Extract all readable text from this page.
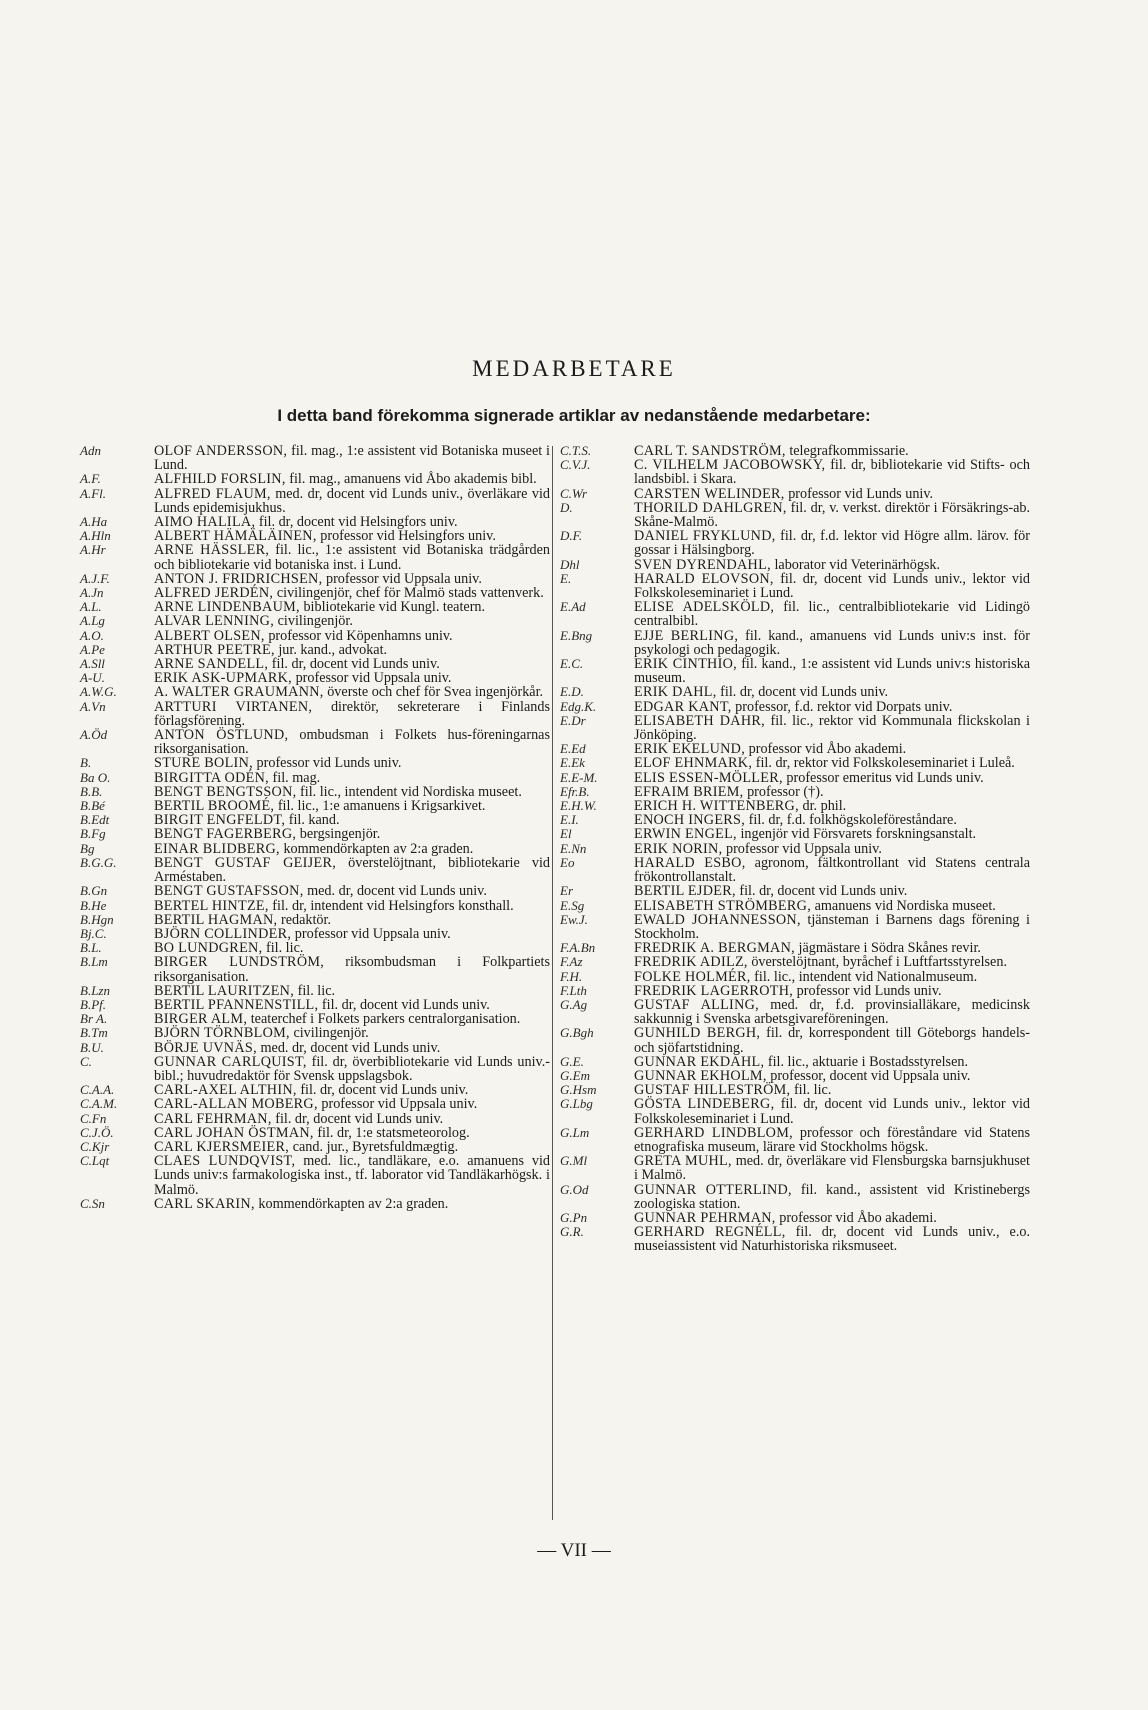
MEDARBETARE
I detta band förekomma signerade artiklar av nedanstående medarbetare:
Adn	OLOF ANDERSSON, fil. mag., 1:e assistent vid Botaniska museet i Lund.
A.F.	ALFHILD FORSLIN, fil. mag., amanuens vid Åbo akademis bibl.
A.Fl.	ALFRED FLAUM, med. dr, docent vid Lunds univ., överläkare vid Lunds epidemisjukhus.
A.Ha	AIMO HALILA, fil. dr, docent vid Helsingfors univ.
A.Hln	ALBERT HÄMÄLÄINEN, professor vid Helsingfors univ.
A.Hr	ARNE HÄSSLER, fil. lic., 1:e assistent vid Botaniska trädgården och bibliotekarie vid botaniska inst. i Lund.
A.J.F.	ANTON J. FRIDRICHSEN, professor vid Uppsala univ.
A.Jn	ALFRED JERDÉN, civilingenjör, chef för Malmö stads vattenverk.
A.L.	ARNE LINDENBAUM, bibliotekarie vid Kungl. teatern.
A.Lg	ALVAR LENNING, civilingenjör.
A.O.	ALBERT OLSEN, professor vid Köpenhamns univ.
A.Pe	ARTHUR PEETRE, jur. kand., advokat.
A.Sll	ARNE SANDELL, fil. dr, docent vid Lunds univ.
A-U.	ERIK ASK-UPMARK, professor vid Uppsala univ.
A.W.G.	A. WALTER GRAUMANN, överste och chef för Svea ingenjörkår.
A.Vn	ARTTURI VIRTANEN, direktör, sekreterare i Finlands förlagsförening.
A.Öd	ANTON ÖSTLUND, ombudsman i Folkets hus-föreningarnas riksorganisation.
B.	STURE BOLIN, professor vid Lunds univ.
Ba O.	BIRGITTA ODÉN, fil. mag.
B.B.	BENGT BENGTSSON, fil. lic., intendent vid Nordiska museet.
B.Bé	BERTIL BROOMÉ, fil. lic., 1:e amanuens i Krigsarkivet.
B.Edt	BIRGIT ENGFELDT, fil. kand.
B.Fg	BENGT FAGERBERG, bergsingenjör.
Bg	EINAR BLIDBERG, kommendörkapten av 2:a graden.
B.G.G.	BENGT GUSTAF GEIJER, överstelöjtnant, bibliotekarie vid Arméstaben.
B.Gn	BENGT GUSTAFSSON, med. dr, docent vid Lunds univ.
B.He	BERTEL HINTZE, fil. dr, intendent vid Helsingfors konsthall.
B.Hgn	BERTIL HAGMAN, redaktör.
Bj.C.	BJÖRN COLLINDER, professor vid Uppsala univ.
B.L.	BO LUNDGREN, fil. lic.
B.Lm	BIRGER LUNDSTRÖM, riksombudsman i Folkpartiets riksorganisation.
B.Lzn	BERTIL LAURITZEN, fil. lic.
B.Pf.	BERTIL PFANNENSTILL, fil. dr, docent vid Lunds univ.
Br A.	BIRGER ALM, teaterchef i Folkets parkers centralorganisation.
B.Tm	BJÖRN TÖRNBLOM, civilingenjör.
B.U.	BÖRJE UVNÄS, med. dr, docent vid Lunds univ.
C.	GUNNAR CARLQUIST, fil. dr, överbibliotekarie vid Lunds univ.-bibl.; huvudredaktör för Svensk uppslagsbok.
C.A.A.	CARL-AXEL ALTHIN, fil. dr, docent vid Lunds univ.
C.A.M.	CARL-ALLAN MOBERG, professor vid Uppsala univ.
C.Fn	CARL FEHRMAN, fil. dr, docent vid Lunds univ.
C.J.Ö.	CARL JOHAN ÖSTMAN, fil. dr, 1:e statsmeteorolog.
C.Kjr	CARL KJERSMEIER, cand. jur., Byretsfuldmægtig.
C.Lqt	CLAES LUNDQVIST, med. lic., tandläkare, e.o. amanuens vid Lunds univ:s farmakologiska inst., tf. laborator vid Tandläkarhögsk. i Malmö.
C.Sn	CARL SKARIN, kommendörkapten av 2:a graden.
C.T.S.	CARL T. SANDSTRÖM, telegrafkommissarie.
C.V.J.	C. VILHELM JACOBOWSKY, fil. dr, bibliotekarie vid Stifts- och landsbibl. i Skara.
C.Wr	CARSTEN WELINDER, professor vid Lunds univ.
D.	THORILD DAHLGREN, fil. dr, v. verkst. direktör i Försäkrings-ab. Skåne-Malmö.
D.F.	DANIEL FRYKLUND, fil. dr, f.d. lektor vid Högre allm. lärov. för gossar i Hälsingborg.
Dhl	SVEN DYRENDAHL, laborator vid Veterinärhögsk.
E.	HARALD ELOVSON, fil. dr, docent vid Lunds univ., lektor vid Folkskoleseminariet i Lund.
E.Ad	ELISE ADELSKÖLD, fil. lic., centralbibliotekarie vid Lidingö centralbibl.
E.Bng	EJJE BERLING, fil. kand., amanuens vid Lunds univ:s inst. för psykologi och pedagogik.
E.C.	ERIK CINTHIO, fil. kand., 1:e assistent vid Lunds univ:s historiska museum.
E.D.	ERIK DAHL, fil. dr, docent vid Lunds univ.
Edg.K.	EDGAR KANT, professor, f.d. rektor vid Dorpats univ.
E.Dr	ELISABETH DAHR, fil. lic., rektor vid Kommunala flickskolan i Jönköping.
E.Ed	ERIK EKELUND, professor vid Åbo akademi.
E.Ek	ELOF EHNMARK, fil. dr, rektor vid Folkskoleseminariet i Luleå.
E.E-M.	ELIS ESSEN-MÖLLER, professor emeritus vid Lunds univ.
Efr.B.	EFRAIM BRIEM, professor (†).
E.H.W.	ERICH H. WITTENBERG, dr. phil.
E.I.	ENOCH INGERS, fil. dr, f.d. folkhögskoleföreståndare.
El	ERWIN ENGEL, ingenjör vid Försvarets forskningsanstalt.
E.Nn	ERIK NORIN, professor vid Uppsala univ.
Eo	HARALD ESBO, agronom, fältkontrollant vid Statens centrala frökontrollanstalt.
Er	BERTIL EJDER, fil. dr, docent vid Lunds univ.
E.Sg	ELISABETH STRÖMBERG, amanuens vid Nordiska museet.
Ew.J.	EWALD JOHANNESSON, tjänsteman i Barnens dags förening i Stockholm.
F.A.Bn	FREDRIK A. BERGMAN, jägmästare i Södra Skånes revir.
F.Az	FREDRIK ADILZ, överstelöjtnant, byråchef i Luftfartsstyrelsen.
F.H.	FOLKE HOLMÉR, fil. lic., intendent vid Nationalmuseum.
F.Lth	FREDRIK LAGERROTH, professor vid Lunds univ.
G.Ag	GUSTAF ALLING, med. dr, f.d. provinsialläkare, medicinsk sakkunnig i Svenska arbetsgivareföreningen.
G.Bgh	GUNHILD BERGH, fil. dr, korrespondent till Göteborgs handels- och sjöfartstidning.
G.E.	GUNNAR EKDAHL, fil. lic., aktuarie i Bostadsstyrelsen.
G.Em	GUNNAR EKHOLM, professor, docent vid Uppsala univ.
G.Hsm	GUSTAF HILLESTRÖM, fil. lic.
G.Lbg	GÖSTA LINDEBERG, fil. dr, docent vid Lunds univ., lektor vid Folkskoleseminariet i Lund.
G.Lm	GERHARD LINDBLOM, professor och föreståndare vid Statens etnografiska museum, lärare vid Stockholms högsk.
G.Ml	GRETA MUHL, med. dr, överläkare vid Flensburgska barnsjukhuset i Malmö.
G.Od	GUNNAR OTTERLIND, fil. kand., assistent vid Kristinebergs zoologiska station.
G.Pn	GUNNAR PEHRMAN, professor vid Åbo akademi.
G.R.	GERHARD REGNÉLL, fil. dr, docent vid Lunds univ., e.o. museiassistent vid Naturhistoriska riksmuseet.
— VII —
